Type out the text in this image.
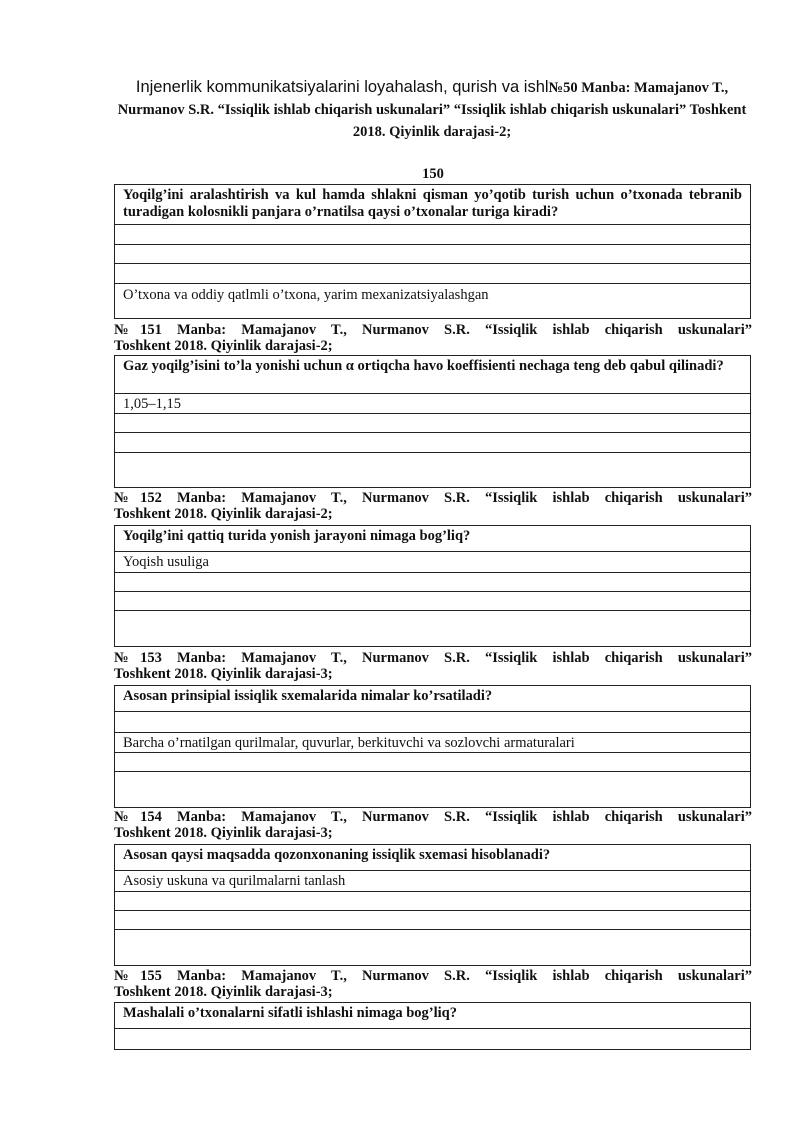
Injenerlik kommunikatsiyalarini loyahalash, qurish va ishl№50 Manba: Mamajanov T., Nurmanov S.R. “Issiqlik ishlab chiqarish uskunalari” “Issiqlik ishlab chiqarish uskunalari” Toshkent 2018. Qiyinlik darajasi-2;
150
Yoqilg’ini aralashtirish va kul hamda shlakni qisman yo’qotib turish uchun o’txonada tebranib turadigan kolosnikli panjara o’rnatilsa qaysi o’txonalar turiga kiradi?

O’txona va oddiy qatlmli o’txona, yarim mexanizatsiyalashgan
№151 Manba: Mamajanov T., Nurmanov S.R. “Issiqlik ishlab chiqarish uskunalari”
Toshkent 2018. Qiyinlik darajasi-2;
Gaz yoqilg’isini to’la yonishi uchun α ortiqcha havo koeffisienti nechaga teng deb qabul qilinadi?
1,05–1,15

№152 Manba: Mamajanov T., Nurmanov S.R. “Issiqlik ishlab chiqarish uskunalari”
Toshkent 2018. Qiyinlik darajasi-2;
Yoqilg’ini qattiq turida yonish jarayoni nimaga bog’liq?
Yoqish usuliga

№153 Manba: Mamajanov T., Nurmanov S.R. “Issiqlik ishlab chiqarish uskunalari”
Toshkent 2018. Qiyinlik darajasi-3;
Asosan prinsipial issiqlik sxemalarida nimalar ko’rsatiladi?

Barcha o’rnatilgan qurilmalar, quvurlar, berkituvchi va sozlovchi armaturalari

№154 Manba: Mamajanov T., Nurmanov S.R. “Issiqlik ishlab chiqarish uskunalari”
Toshkent 2018. Qiyinlik darajasi-3;
Asosan qaysi maqsadda qozonxonaning issiqlik sxemasi hisoblanadi?
Asosiy uskuna va qurilmalarni tanlash

№155 Manba: Mamajanov T., Nurmanov S.R. “Issiqlik ishlab chiqarish uskunalari”
Toshkent 2018. Qiyinlik darajasi-3;
Mashalali o’txonalarni sifatli ishlashi nimaga bog’liq?
